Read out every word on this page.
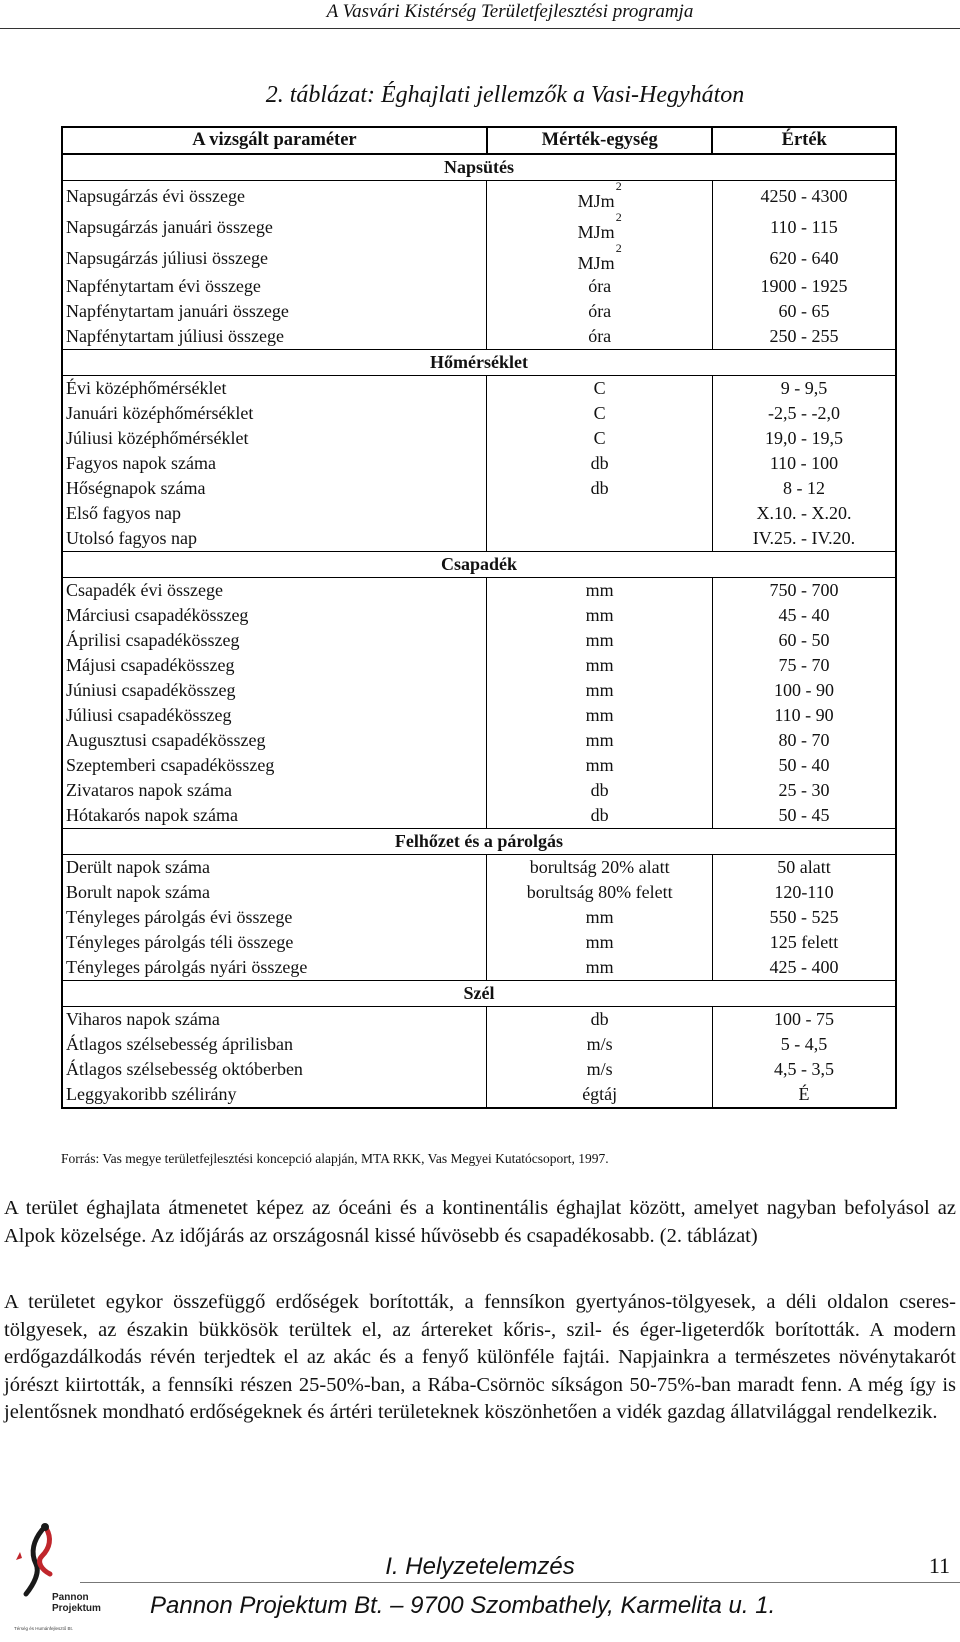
A Vasvári Kistérség Területfejlesztési programja
2. táblázat: Éghajlati jellemzők a Vasi-Hegyháton
A vizsgált paraméter	Mérték-egység	Érték
Napsütés		
Napsugárzás évi összege	MJm$^2$	4250 - 4300
Napsugárzás januári összege	MJm$^2$	110 - 115
Napsugárzás júliusi összege	MJm$^2$	620 - 640
Napfénytartam évi összege	óra	1900 - 1925
Napfénytartam januári összege	óra	60 - 65
Napfénytartam júliusi összege	óra	250 - 255
Hőmérséklet		
Évi középhőmérséklet	C	9 - 9,5
Januári középhőmérséklet	C	-2,5 - -2,0
Júliusi középhőmérséklet	C	19,0 - 19,5
Fagyos napok száma	db	110 - 100
Hőségnapok száma	db	8 - 12
Első fagyos nap		X.10. - X.20.
Utolsó fagyos nap		IV.25. - IV.20.
Csapadék		
Csapadék évi összege	mm	750 - 700
Márciusi csapadékösszeg	mm	45 - 40
Áprilisi csapadékösszeg	mm	60 - 50
Májusi csapadékösszeg	mm	75 - 70
Júniusi csapadékösszeg	mm	100 - 90
Júliusi csapadékösszeg	mm	110 - 90
Augusztusi csapadékösszeg	mm	80 - 70
Szeptemberi csapadékösszeg	mm	50 - 40
Zivataros napok száma	db	25 - 30
Hótakarós napok száma	db	50 - 45
Felhőzet és a párolgás		
Derült napok száma	borultság 20% alatt	50 alatt
Borult napok száma	borultság 80% felett	120-110
Tényleges párolgás évi összege	mm	550 - 525
Tényleges párolgás téli összege	mm	125 felett
Tényleges párolgás nyári összege	mm	425 - 400
Szél		
Viharos napok száma	db	100 - 75
Átlagos szélsebesség áprilisban	m/s	5 - 4,5
Átlagos szélsebesség októberben	m/s	4,5 - 3,5
Leggyakoribb szélirány	égtáj	É
Forrás: Vas megye területfejlesztési koncepció alapján, MTA RKK, Vas Megyei Kutatócsoport, 1997.
A terület éghajlata átmenetet képez az óceáni és a kontinentális éghajlat között, amelyet nagyban befolyásol az Alpok közelsége. Az időjárás az országosnál kissé hűvösebb és csapadékosabb. (2. táblázat)
A területet egykor összefüggő erdőségek borították, a fennsíkon gyertyános-tölgyesek, a déli oldalon cseres-tölgyesek, az északin bükkösök terültek el, az ártereket kőris-, szil- és éger-ligeterdők borították. A modern erdőgazdálkodás révén terjedtek el az akác és a fenyő különféle fajtái. Napjainkra a természetes növénytakarót jórészt kiirtották, a fennsíki részen 25-50%-ban, a Rába-Csörnöc síkságon 50-75%-ban maradt fenn. A még így is jelentősnek mondható erdőségeknek és ártéri területeknek köszönhetően a vidék gazdag állatvilággal rendelkezik.
Pannon
Projektum
Térség és Humánfejlesztő Bt.
I. Helyzetelemzés	11
Pannon Projektum Bt. – 9700 Szombathely, Karmelita u. 1.
